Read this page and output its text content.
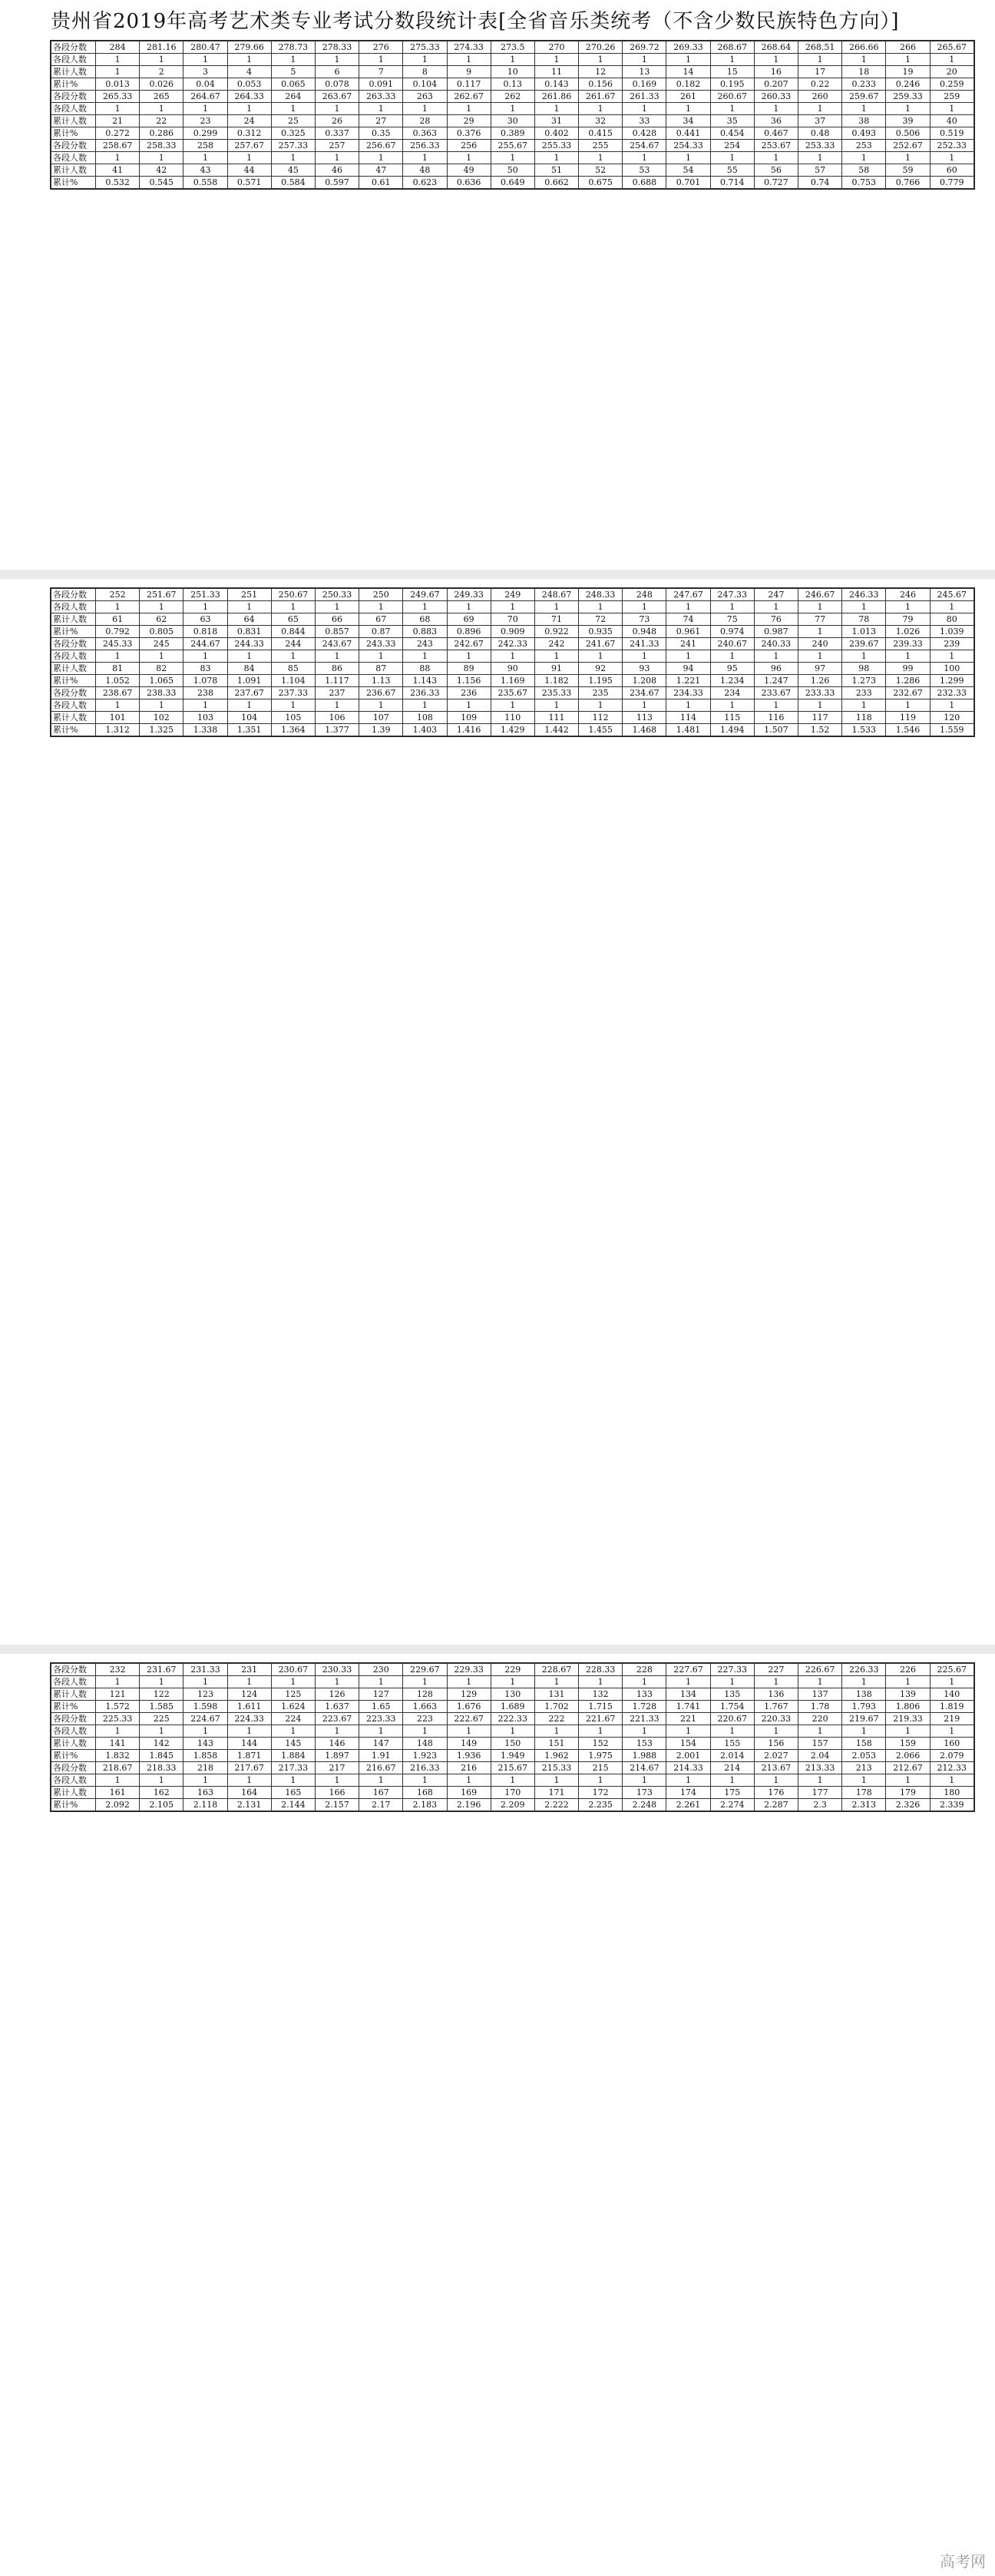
贵州省2019年高考艺术类专业考试分数段统计表[全省音乐类统考（不含少数民族特色方向）]
各段分数	284	281.16	280.47	279.66	278.73	278.33	276	275.33	274.33	273.5	270	270.26	269.72	269.33	268.67	268.64	268.51	266.66	266	265.67
各段人数	1	1	1	1	1	1	1	1	1	1	1	1	1	1	1	1	1	1	1	1
累计人数	1	2	3	4	5	6	7	8	9	10	11	12	13	14	15	16	17	18	19	20
累计%	0.013	0.026	0.04	0.053	0.065	0.078	0.091	0.104	0.117	0.13	0.143	0.156	0.169	0.182	0.195	0.207	0.22	0.233	0.246	0.259
各段分数	265.33	265	264.67	264.33	264	263.67	263.33	263	262.67	262	261.86	261.67	261.33	261	260.67	260.33	260	259.67	259.33	259
各段人数	1	1	1	1	1	1	1	1	1	1	1	1	1	1	1	1	1	1	1	1
累计人数	21	22	23	24	25	26	27	28	29	30	31	32	33	34	35	36	37	38	39	40
累计%	0.272	0.286	0.299	0.312	0.325	0.337	0.35	0.363	0.376	0.389	0.402	0.415	0.428	0.441	0.454	0.467	0.48	0.493	0.506	0.519
各段分数	258.67	258.33	258	257.67	257.33	257	256.67	256.33	256	255.67	255.33	255	254.67	254.33	254	253.67	253.33	253	252.67	252.33
各段人数	1	1	1	1	1	1	1	1	1	1	1	1	1	1	1	1	1	1	1	1
累计人数	41	42	43	44	45	46	47	48	49	50	51	52	53	54	55	56	57	58	59	60
累计%	0.532	0.545	0.558	0.571	0.584	0.597	0.61	0.623	0.636	0.649	0.662	0.675	0.688	0.701	0.714	0.727	0.74	0.753	0.766	0.779
各段分数	252	251.67	251.33	251	250.67	250.33	250	249.67	249.33	249	248.67	248.33	248	247.67	247.33	247	246.67	246.33	246	245.67
各段人数	1	1	1	1	1	1	1	1	1	1	1	1	1	1	1	1	1	1	1	1
累计人数	61	62	63	64	65	66	67	68	69	70	71	72	73	74	75	76	77	78	79	80
累计%	0.792	0.805	0.818	0.831	0.844	0.857	0.87	0.883	0.896	0.909	0.922	0.935	0.948	0.961	0.974	0.987	1	1.013	1.026	1.039
各段分数	245.33	245	244.67	244.33	244	243.67	243.33	243	242.67	242.33	242	241.67	241.33	241	240.67	240.33	240	239.67	239.33	239
各段人数	1	1	1	1	1	1	1	1	1	1	1	1	1	1	1	1	1	1	1	1
累计人数	81	82	83	84	85	86	87	88	89	90	91	92	93	94	95	96	97	98	99	100
累计%	1.052	1.065	1.078	1.091	1.104	1.117	1.13	1.143	1.156	1.169	1.182	1.195	1.208	1.221	1.234	1.247	1.26	1.273	1.286	1.299
各段分数	238.67	238.33	238	237.67	237.33	237	236.67	236.33	236	235.67	235.33	235	234.67	234.33	234	233.67	233.33	233	232.67	232.33
各段人数	1	1	1	1	1	1	1	1	1	1	1	1	1	1	1	1	1	1	1	1
累计人数	101	102	103	104	105	106	107	108	109	110	111	112	113	114	115	116	117	118	119	120
累计%	1.312	1.325	1.338	1.351	1.364	1.377	1.39	1.403	1.416	1.429	1.442	1.455	1.468	1.481	1.494	1.507	1.52	1.533	1.546	1.559
各段分数	232	231.67	231.33	231	230.67	230.33	230	229.67	229.33	229	228.67	228.33	228	227.67	227.33	227	226.67	226.33	226	225.67
各段人数	1	1	1	1	1	1	1	1	1	1	1	1	1	1	1	1	1	1	1	1
累计人数	121	122	123	124	125	126	127	128	129	130	131	132	133	134	135	136	137	138	139	140
累计%	1.572	1.585	1.598	1.611	1.624	1.637	1.65	1.663	1.676	1.689	1.702	1.715	1.728	1.741	1.754	1.767	1.78	1.793	1.806	1.819
各段分数	225.33	225	224.67	224.33	224	223.67	223.33	223	222.67	222.33	222	221.67	221.33	221	220.67	220.33	220	219.67	219.33	219
各段人数	1	1	1	1	1	1	1	1	1	1	1	1	1	1	1	1	1	1	1	1
累计人数	141	142	143	144	145	146	147	148	149	150	151	152	153	154	155	156	157	158	159	160
累计%	1.832	1.845	1.858	1.871	1.884	1.897	1.91	1.923	1.936	1.949	1.962	1.975	1.988	2.001	2.014	2.027	2.04	2.053	2.066	2.079
各段分数	218.67	218.33	218	217.67	217.33	217	216.67	216.33	216	215.67	215.33	215	214.67	214.33	214	213.67	213.33	213	212.67	212.33
各段人数	1	1	1	1	1	1	1	1	1	1	1	1	1	1	1	1	1	1	1	1
累计人数	161	162	163	164	165	166	167	168	169	170	171	172	173	174	175	176	177	178	179	180
累计%	2.092	2.105	2.118	2.131	2.144	2.157	2.17	2.183	2.196	2.209	2.222	2.235	2.248	2.261	2.274	2.287	2.3	2.313	2.326	2.339
高考网
